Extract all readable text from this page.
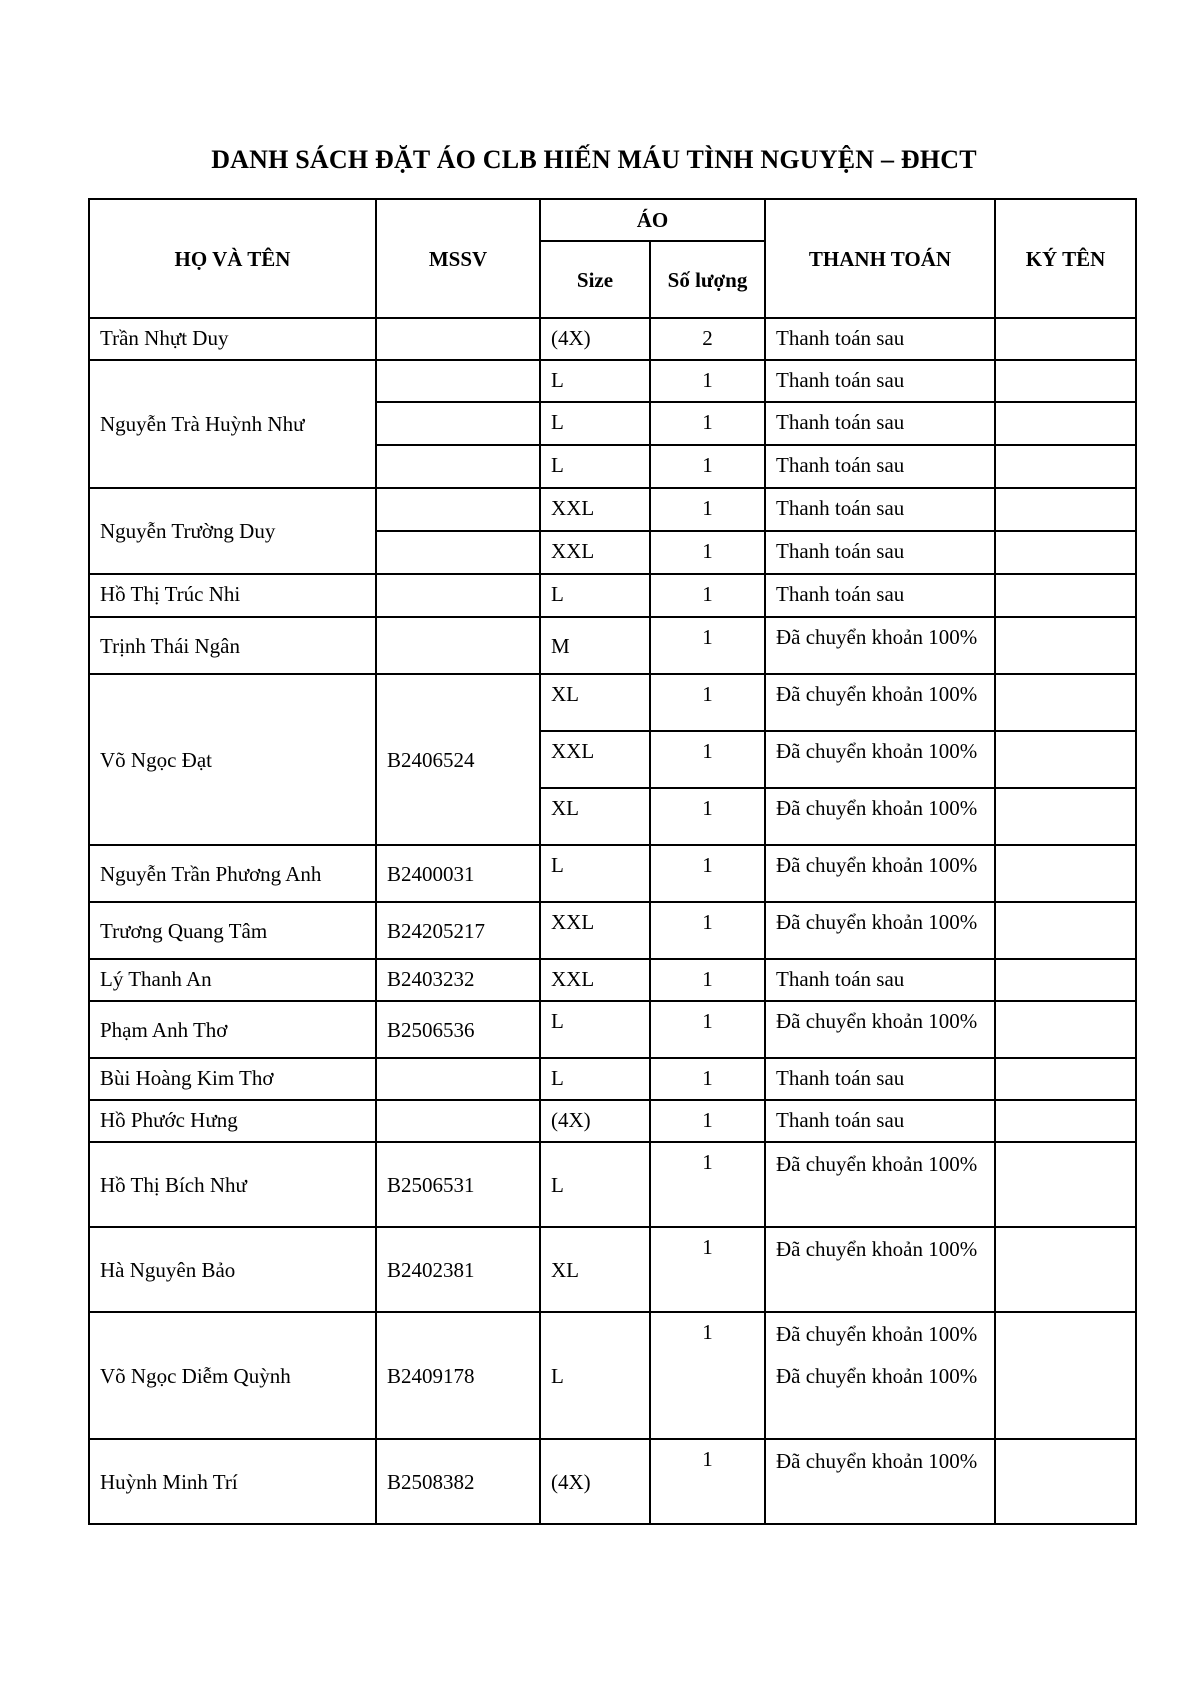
DANH SÁCH ĐẶT ÁO CLB HIẾN MÁU TÌNH NGUYỆN – ĐHCT
HỌ VÀ TÊN	MSSV	ÁO		THANH TOÁN	KÝ TÊN
		Size	Số lượng		
Trần Nhựt Duy		(4X)	2	Thanh toán sau	
Nguyễn Trà Huỳnh Như		L	1	Thanh toán sau	
		L	1	Thanh toán sau	
		L	1	Thanh toán sau	
Nguyễn Trường Duy		XXL	1	Thanh toán sau	
		XXL	1	Thanh toán sau	
Hồ Thị Trúc Nhi		L	1	Thanh toán sau	
Trịnh Thái Ngân		M	1	Đã chuyển khoản 100%	
Võ Ngọc Đạt	B2406524	XL	1	Đã chuyển khoản 100%	
		XXL	1	Đã chuyển khoản 100%	
		XL	1	Đã chuyển khoản 100%	
Nguyễn Trần Phương Anh	B2400031	L	1	Đã chuyển khoản 100%	
Trương Quang Tâm	B24205217	XXL	1	Đã chuyển khoản 100%	
Lý Thanh An	B2403232	XXL	1	Thanh toán sau	
Phạm Anh Thơ	B2506536	L	1	Đã chuyển khoản 100%	
Bùi Hoàng Kim Thơ		L	1	Thanh toán sau	
Hồ Phước Hưng		(4X)	1	Thanh toán sau	
Hồ Thị Bích Như	B2506531	L	1	Đã chuyển khoản 100%	
Hà Nguyên Bảo	B2402381	XL	1	Đã chuyển khoản 100%	
Võ Ngọc Diễm Quỳnh	B2409178	L	1	Đã chuyển khoản 100% Đã chuyển khoản 100%	
Huỳnh Minh Trí	B2508382	(4X)	1	Đã chuyển khoản 100%	
